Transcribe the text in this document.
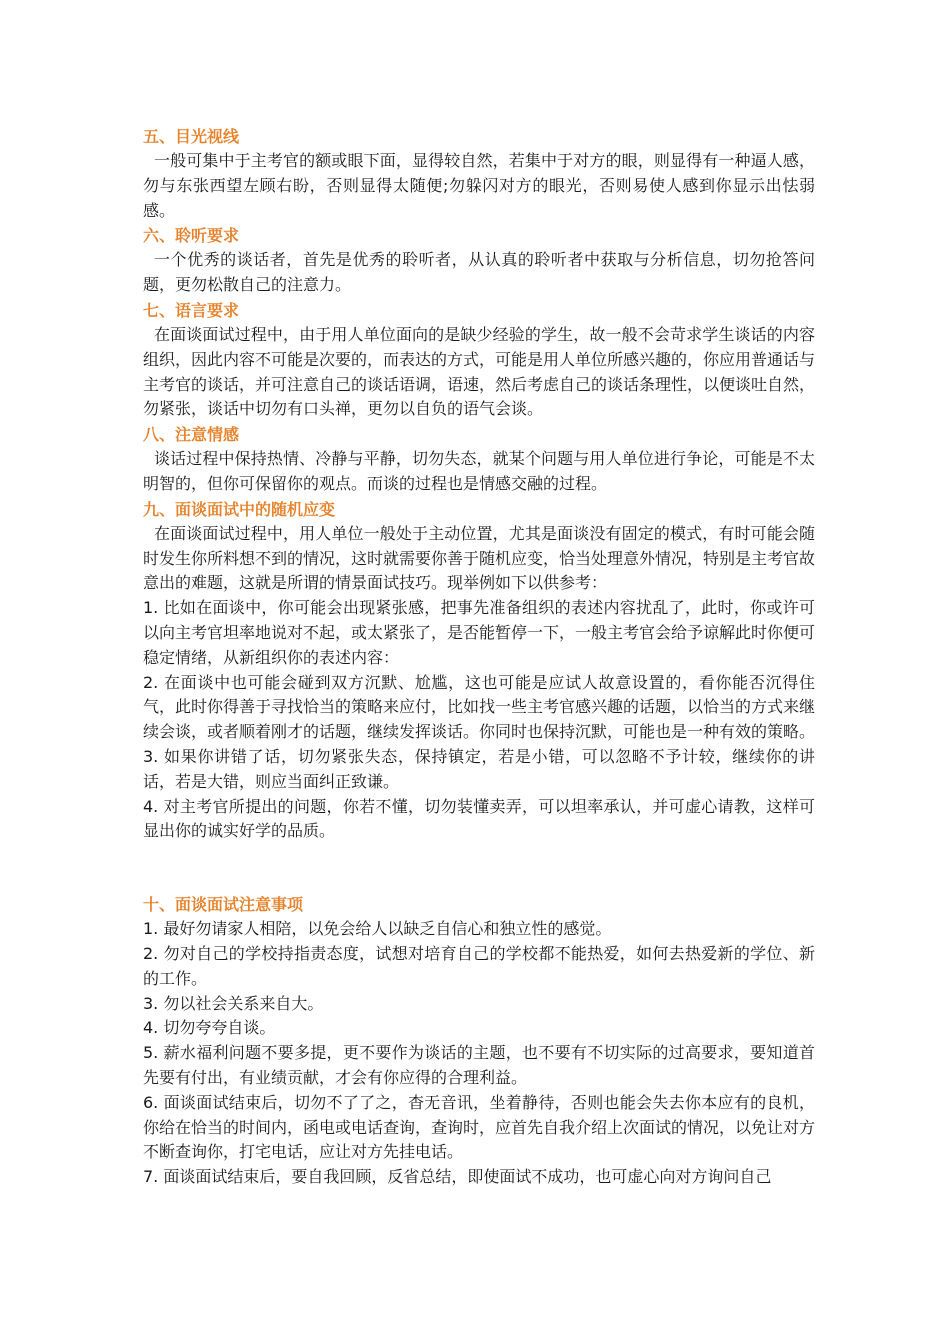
五、目光视线

一般可集中于主考官的额或眼下面，显得较自然，若集中于对方的眼，则显得有一种逼人感，勿与东张西望左顾右盼，否则显得太随便;勿躲闪对方的眼光，否则易使人感到你显示出怯弱感。

六、聆听要求

一个优秀的谈话者，首先是优秀的聆听者，从认真的聆听者中获取与分析信息，切勿抢答问题，更勿松散自己的注意力。

七、语言要求

在面谈面试过程中，由于用人单位面向的是缺少经验的学生，故一般不会苛求学生谈话的内容组织，因此内容不可能是次要的，而表达的方式，可能是用人单位所感兴趣的，你应用普通话与主考官的谈话，并可注意自己的谈话语调，语速，然后考虑自己的谈话条理性，以便谈吐自然，勿紧张，谈话中切勿有口头禅，更勿以自负的语气会谈。

八、注意情感

谈话过程中保持热情、冷静与平静，切勿失态，就某个问题与用人单位进行争论，可能是不太明智的，但你可保留你的观点。而谈的过程也是情感交融的过程。

九、面谈面试中的随机应变

在面谈面试过程中，用人单位一般处于主动位置，尤其是面谈没有固定的模式，有时可能会随时发生你所料想不到的情况，这时就需要你善于随机应变，恰当处理意外情况，特别是主考官故意出的难题，这就是所谓的情景面试技巧。现举例如下以供参考：

1. 比如在面谈中，你可能会出现紧张感，把事先准备组织的表述内容扰乱了，此时，你或许可以向主考官坦率地说对不起，或太紧张了，是否能暂停一下，一般主考官会给予谅解此时你便可稳定情绪，从新组织你的表述内容：

2. 在面谈中也可能会碰到双方沉默、尬尴，这也可能是应试人故意设置的，看你能否沉得住气，此时你得善于寻找恰当的策略来应付，比如找一些主考官感兴趣的话题，以恰当的方式来继续会谈，或者顺着刚才的话题，继续发挥谈话。你同时也保持沉默，可能也是一种有效的策略。

3. 如果你讲错了话，切勿紧张失态，保持镇定，若是小错，可以忽略不予计较，继续你的讲话，若是大错，则应当面纠正致谦。

4. 对主考官所提出的问题，你若不懂，切勿装懂卖弄，可以坦率承认，并可虚心请教，这样可显出你的诚实好学的品质。

十、面谈面试注意事项

1. 最好勿请家人相陪，以免会给人以缺乏自信心和独立性的感觉。

2. 勿对自己的学校持指责态度，试想对培育自己的学校都不能热爱，如何去热爱新的学位、新的工作。

3. 勿以社会关系来自大。

4. 切勿夸夸自谈。

5. 薪水福利问题不要多提，更不要作为谈话的主题，也不要有不切实际的过高要求，要知道首先要有付出，有业绩贡献，才会有你应得的合理利益。

6. 面谈面试结束后，切勿不了了之，杳无音讯，坐着静待，否则也能会失去你本应有的良机，你给在恰当的时间内，函电或电话查询，查询时，应首先自我介绍上次面试的情况，以免让对方不断查询你，打宅电话，应让对方先挂电话。

7. 面谈面试结束后，要自我回顾，反省总结，即使面试不成功，也可虚心向对方询问自己
